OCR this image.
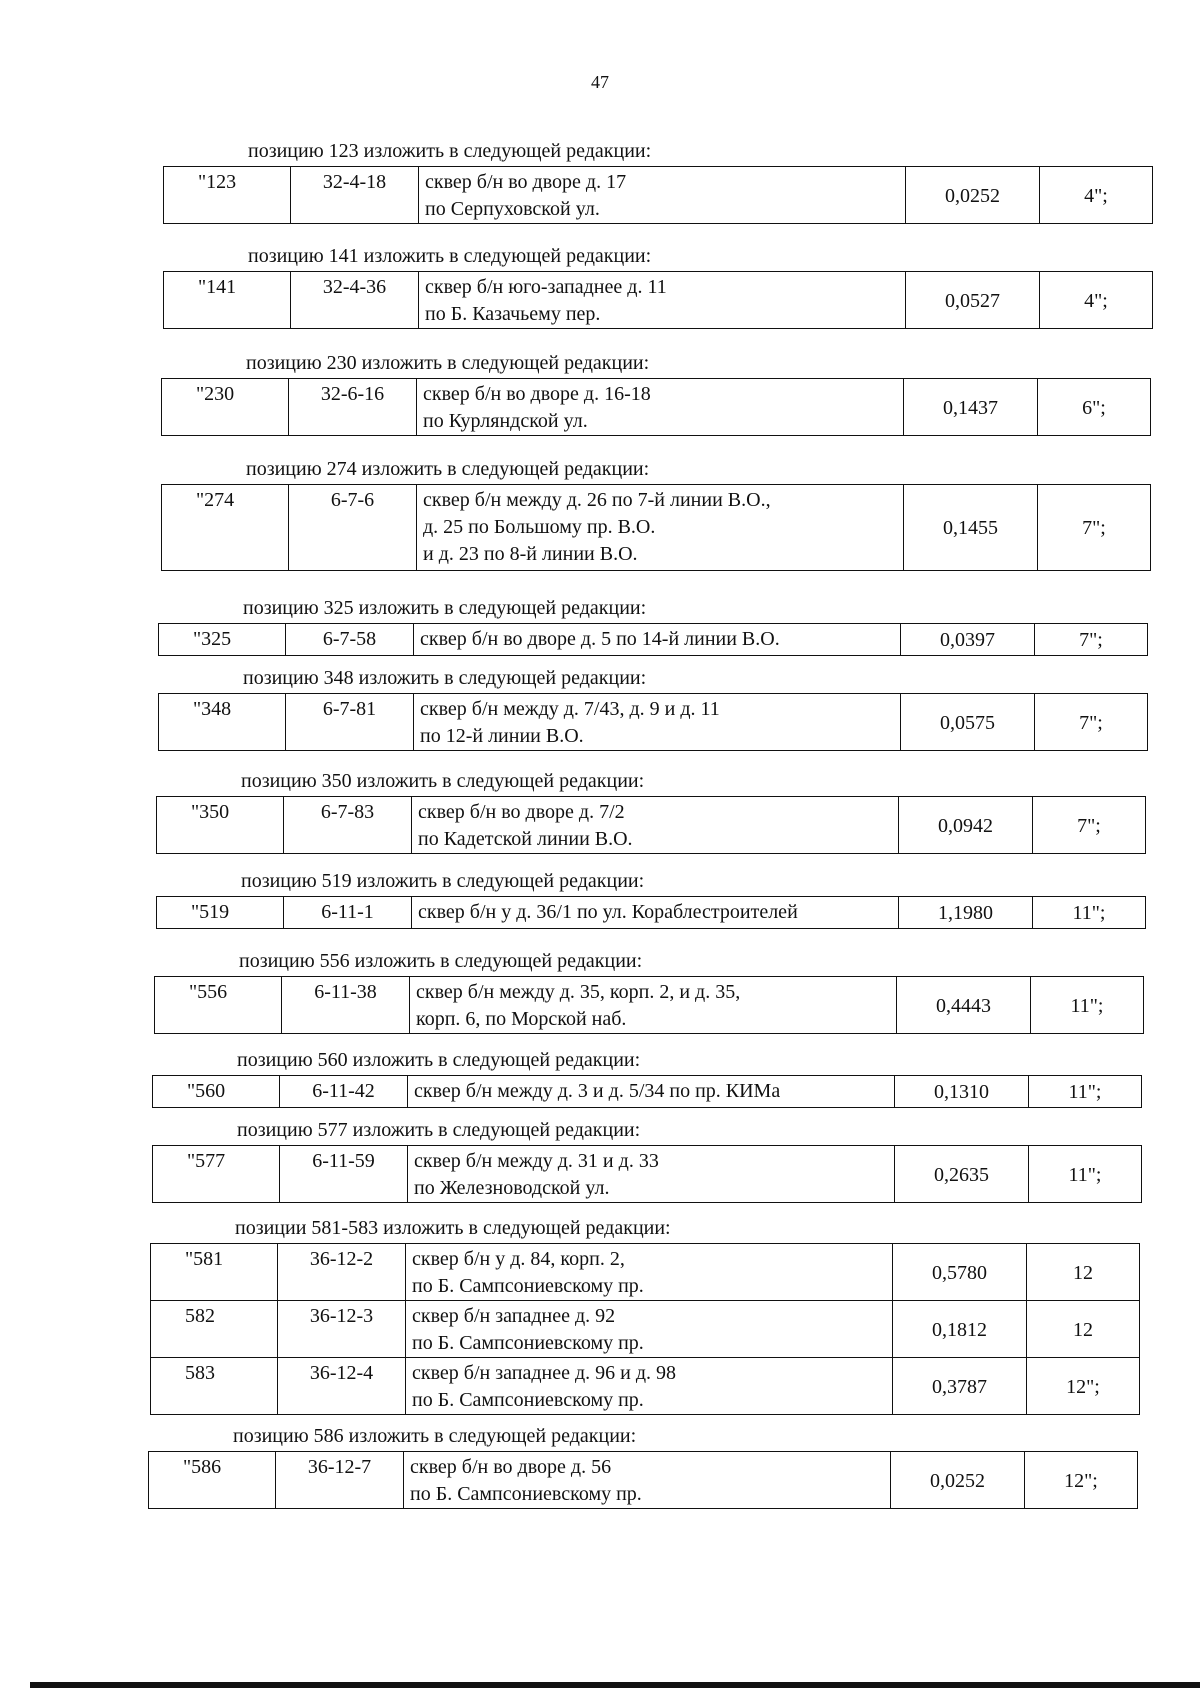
47
позицию 123 изложить в следующей редакции:
"123	32-4-18	сквер б/н во дворе д. 17
по Серпуховской ул.	0,0252	4";
позицию 141 изложить в следующей редакции:
"141	32-4-36	сквер б/н юго-западнее д. 11
по Б. Казачьему пер.	0,0527	4";
позицию 230 изложить в следующей редакции:
"230	32-6-16	сквер б/н во дворе д. 16-18
по Курляндской ул.	0,1437	6";
позицию 274 изложить в следующей редакции:
"274	6-7-6	сквер б/н между д. 26 по 7-й линии В.О.,
д. 25 по Большому пр. В.О.
и д. 23 по 8-й линии В.О.	0,1455	7";
позицию 325 изложить в следующей редакции:
"325	6-7-58	сквер б/н во дворе д. 5 по 14-й линии В.О.	0,0397	7";
позицию 348 изложить в следующей редакции:
"348	6-7-81	сквер б/н между д. 7/43, д. 9 и д. 11
по 12-й линии В.О.	0,0575	7";
позицию 350 изложить в следующей редакции:
"350	6-7-83	сквер б/н во дворе д. 7/2
по Кадетской линии В.О.	0,0942	7";
позицию 519 изложить в следующей редакции:
"519	6-11-1	сквер б/н у д. 36/1 по ул. Кораблестроителей	1,1980	11";
позицию 556 изложить в следующей редакции:
"556	6-11-38	сквер б/н между д. 35, корп. 2, и д. 35,
корп. 6, по Морской наб.	0,4443	11";
позицию 560 изложить в следующей редакции:
"560	6-11-42	сквер б/н между д. 3 и д. 5/34 по пр. КИМа	0,1310	11";
позицию 577 изложить в следующей редакции:
"577	6-11-59	сквер б/н между д. 31 и д. 33
по Железноводской ул.	0,2635	11";
позиции 581-583 изложить в следующей редакции:
"581	36-12-2	сквер б/н у д. 84, корп. 2,
по Б. Сампсониевскому пр.	0,5780	12
582	36-12-3	сквер б/н западнее д. 92
по Б. Сампсониевскому пр.	0,1812	12
583	36-12-4	сквер б/н западнее д. 96 и д. 98
по Б. Сампсониевскому пр.	0,3787	12";
позицию 586 изложить в следующей редакции:
"586	36-12-7	сквер б/н во дворе д. 56
по Б. Сампсониевскому пр.	0,0252	12";
